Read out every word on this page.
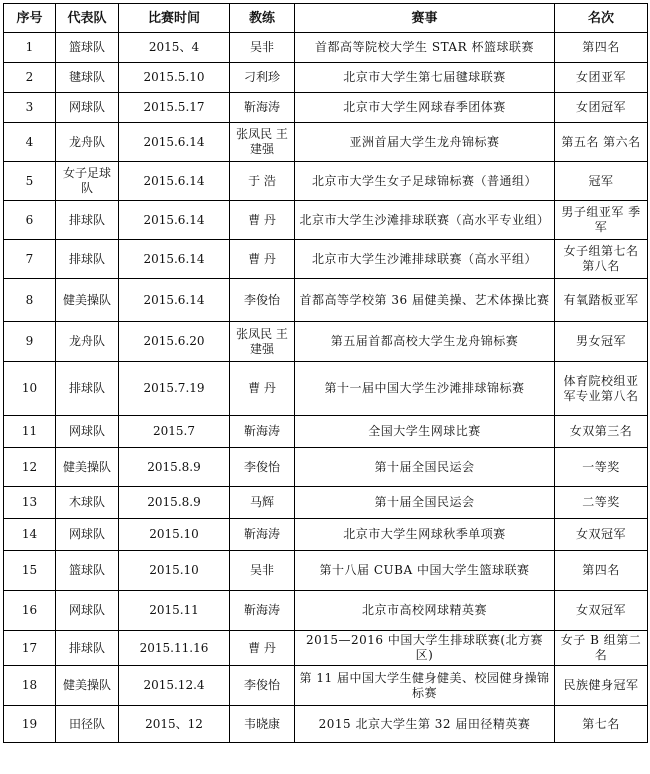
序号	代表队	比赛时间	教练	赛事	名次
1	篮球队	2015、4	吴非	首都高等院校大学生 STAR 杯篮球联赛	第四名
2	毽球队	2015.5.10	刁利珍	北京市大学生第七届毽球联赛	女团亚军
3	网球队	2015.5.17	靳海涛	北京市大学生网球春季团体赛	女团冠军
4	龙舟队	2015.6.14	张凤民 王建强	亚洲首届大学生龙舟锦标赛	第五名 第六名
5	女子足球队	2015.6.14	于 浩	北京市大学生女子足球锦标赛（普通组）	冠军
6	排球队	2015.6.14	曹 丹	北京市大学生沙滩排球联赛（高水平专业组）	男子组亚军 季军
7	排球队	2015.6.14	曹 丹	北京市大学生沙滩排球联赛（高水平组）	女子组第七名 第八名
8	健美操队	2015.6.14	李俊怡	首都高等学校第 36 届健美操、艺术体操比赛	有氧踏板亚军
9	龙舟队	2015.6.20	张凤民 王建强	第五届首都高校大学生龙舟锦标赛	男女冠军
10	排球队	2015.7.19	曹 丹	第十一届中国大学生沙滩排球锦标赛	体育院校组亚军专业第八名
11	网球队	2015.7	靳海涛	全国大学生网球比赛	女双第三名
12	健美操队	2015.8.9	李俊怡	第十届全国民运会	一等奖
13	木球队	2015.8.9	马辉	第十届全国民运会	二等奖
14	网球队	2015.10	靳海涛	北京市大学生网球秋季单项赛	女双冠军
15	篮球队	2015.10	吴非	第十八届 CUBA 中国大学生篮球联赛	第四名
16	网球队	2015.11	靳海涛	北京市高校网球精英赛	女双冠军
17	排球队	2015.11.16	曹 丹	2015—2016 中国大学生排球联赛(北方赛区)	女子 B 组第二名
18	健美操队	2015.12.4	李俊怡	第 11 届中国大学生健身健美、校园健身操锦标赛	民族健身冠军
19	田径队	2015、12	韦晓康	2015 北京大学生第 32 届田径精英赛	第七名
